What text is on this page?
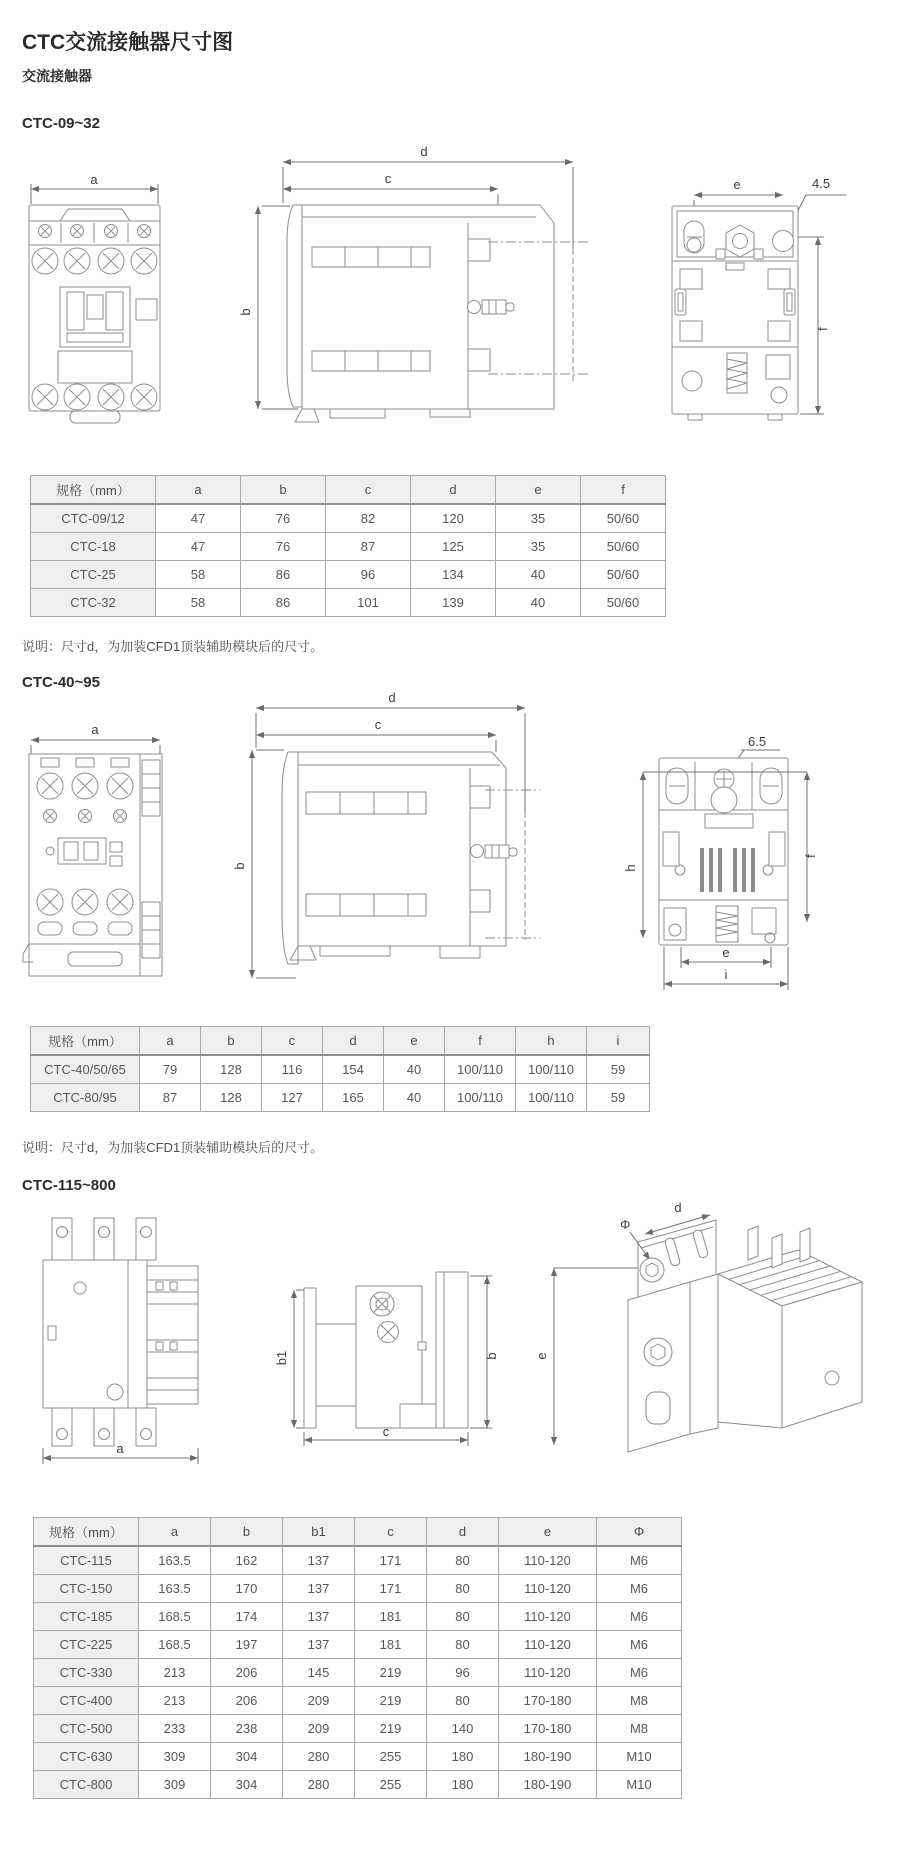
CTC交流接触器尺寸图

交流接触器

CTC-09~32
a
d
c
b
e	4.5
f
规格（mm）	a	b	c	d	e	f
CTC-09/12	47	76	82	120	35	50/60
CTC-18	47	76	87	125	35	50/60
CTC-25	58	86	96	134	40	50/60
CTC-32	58	86	101	139	40	50/60

说明：尺寸d，为加装CFD1顶装辅助模块后的尺寸。

CTC-40~95
a
d
c
b
6.5
h
f
e
i
规格（mm）	a	b	c	d	e	f	h	i
CTC-40/50/65	79	128	116	154	40	100/110	100/110	59
CTC-80/95	87	128	127	165	40	100/110	100/110	59

说明：尺寸d，为加装CFD1顶装辅助模块后的尺寸。

CTC-115~800
a
b1	b
c
e
d
Φ
规格（mm）	a	b	b1	c	d	e	Φ
CTC-115	163.5	162	137	171	80	110-120	M6
CTC-150	163.5	170	137	171	80	110-120	M6
CTC-185	168.5	174	137	181	80	110-120	M6
CTC-225	168.5	197	137	181	80	110-120	M6
CTC-330	213	206	145	219	96	110-120	M6
CTC-400	213	206	209	219	80	170-180	M8
CTC-500	233	238	209	219	140	170-180	M8
CTC-630	309	304	280	255	180	180-190	M10
CTC-800	309	304	280	255	180	180-190	M10
